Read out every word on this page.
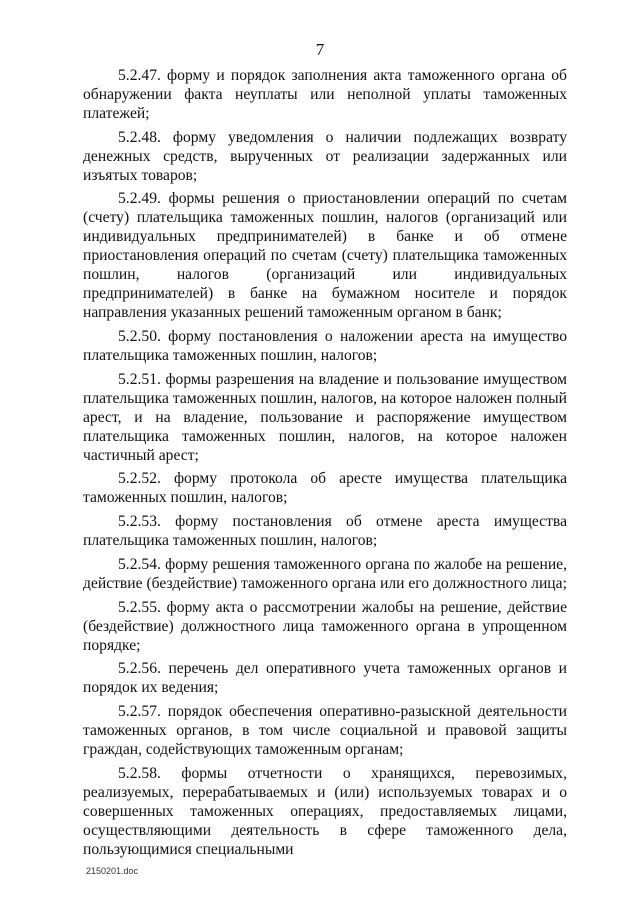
7

5.2.47. форму и порядок заполнения акта таможенного органа об обнаружении факта неуплаты или неполной уплаты таможенных платежей;

5.2.48. форму уведомления о наличии подлежащих возврату денежных средств, вырученных от реализации задержанных или изъятых товаров;

5.2.49. формы решения о приостановлении операций по счетам (счету) плательщика таможенных пошлин, налогов (организаций или индивидуальных предпринимателей) в банке и об отмене приостановления операций по счетам (счету) плательщика таможенных пошлин, налогов (организаций или индивидуальных предпринимателей) в банке на бумажном носителе и порядок направления указанных решений таможенным органом в банк;

5.2.50. форму постановления о наложении ареста на имущество плательщика таможенных пошлин, налогов;

5.2.51. формы разрешения на владение и пользование имуществом плательщика таможенных пошлин, налогов, на которое наложен полный арест, и на владение, пользование и распоряжение имуществом плательщика таможенных пошлин, налогов, на которое наложен частичный арест;

5.2.52. форму протокола об аресте имущества плательщика таможенных пошлин, налогов;

5.2.53. форму постановления об отмене ареста имущества плательщика таможенных пошлин, налогов;

5.2.54. форму решения таможенного органа по жалобе на решение, действие (бездействие) таможенного органа или его должностного лица;

5.2.55. форму акта о рассмотрении жалобы на решение, действие (бездействие) должностного лица таможенного органа в упрощенном порядке;

5.2.56. перечень дел оперативного учета таможенных органов и порядок их ведения;

5.2.57. порядок обеспечения оперативно-разыскной деятельности таможенных органов, в том числе социальной и правовой защиты граждан, содействующих таможенным органам;

5.2.58. формы отчетности о хранящихся, перевозимых, реализуемых, перерабатываемых и (или) используемых товарах и о совершенных таможенных операциях, предоставляемых лицами, осуществляющими деятельность в сфере таможенного дела, пользующимися специальными

2150201.doc
